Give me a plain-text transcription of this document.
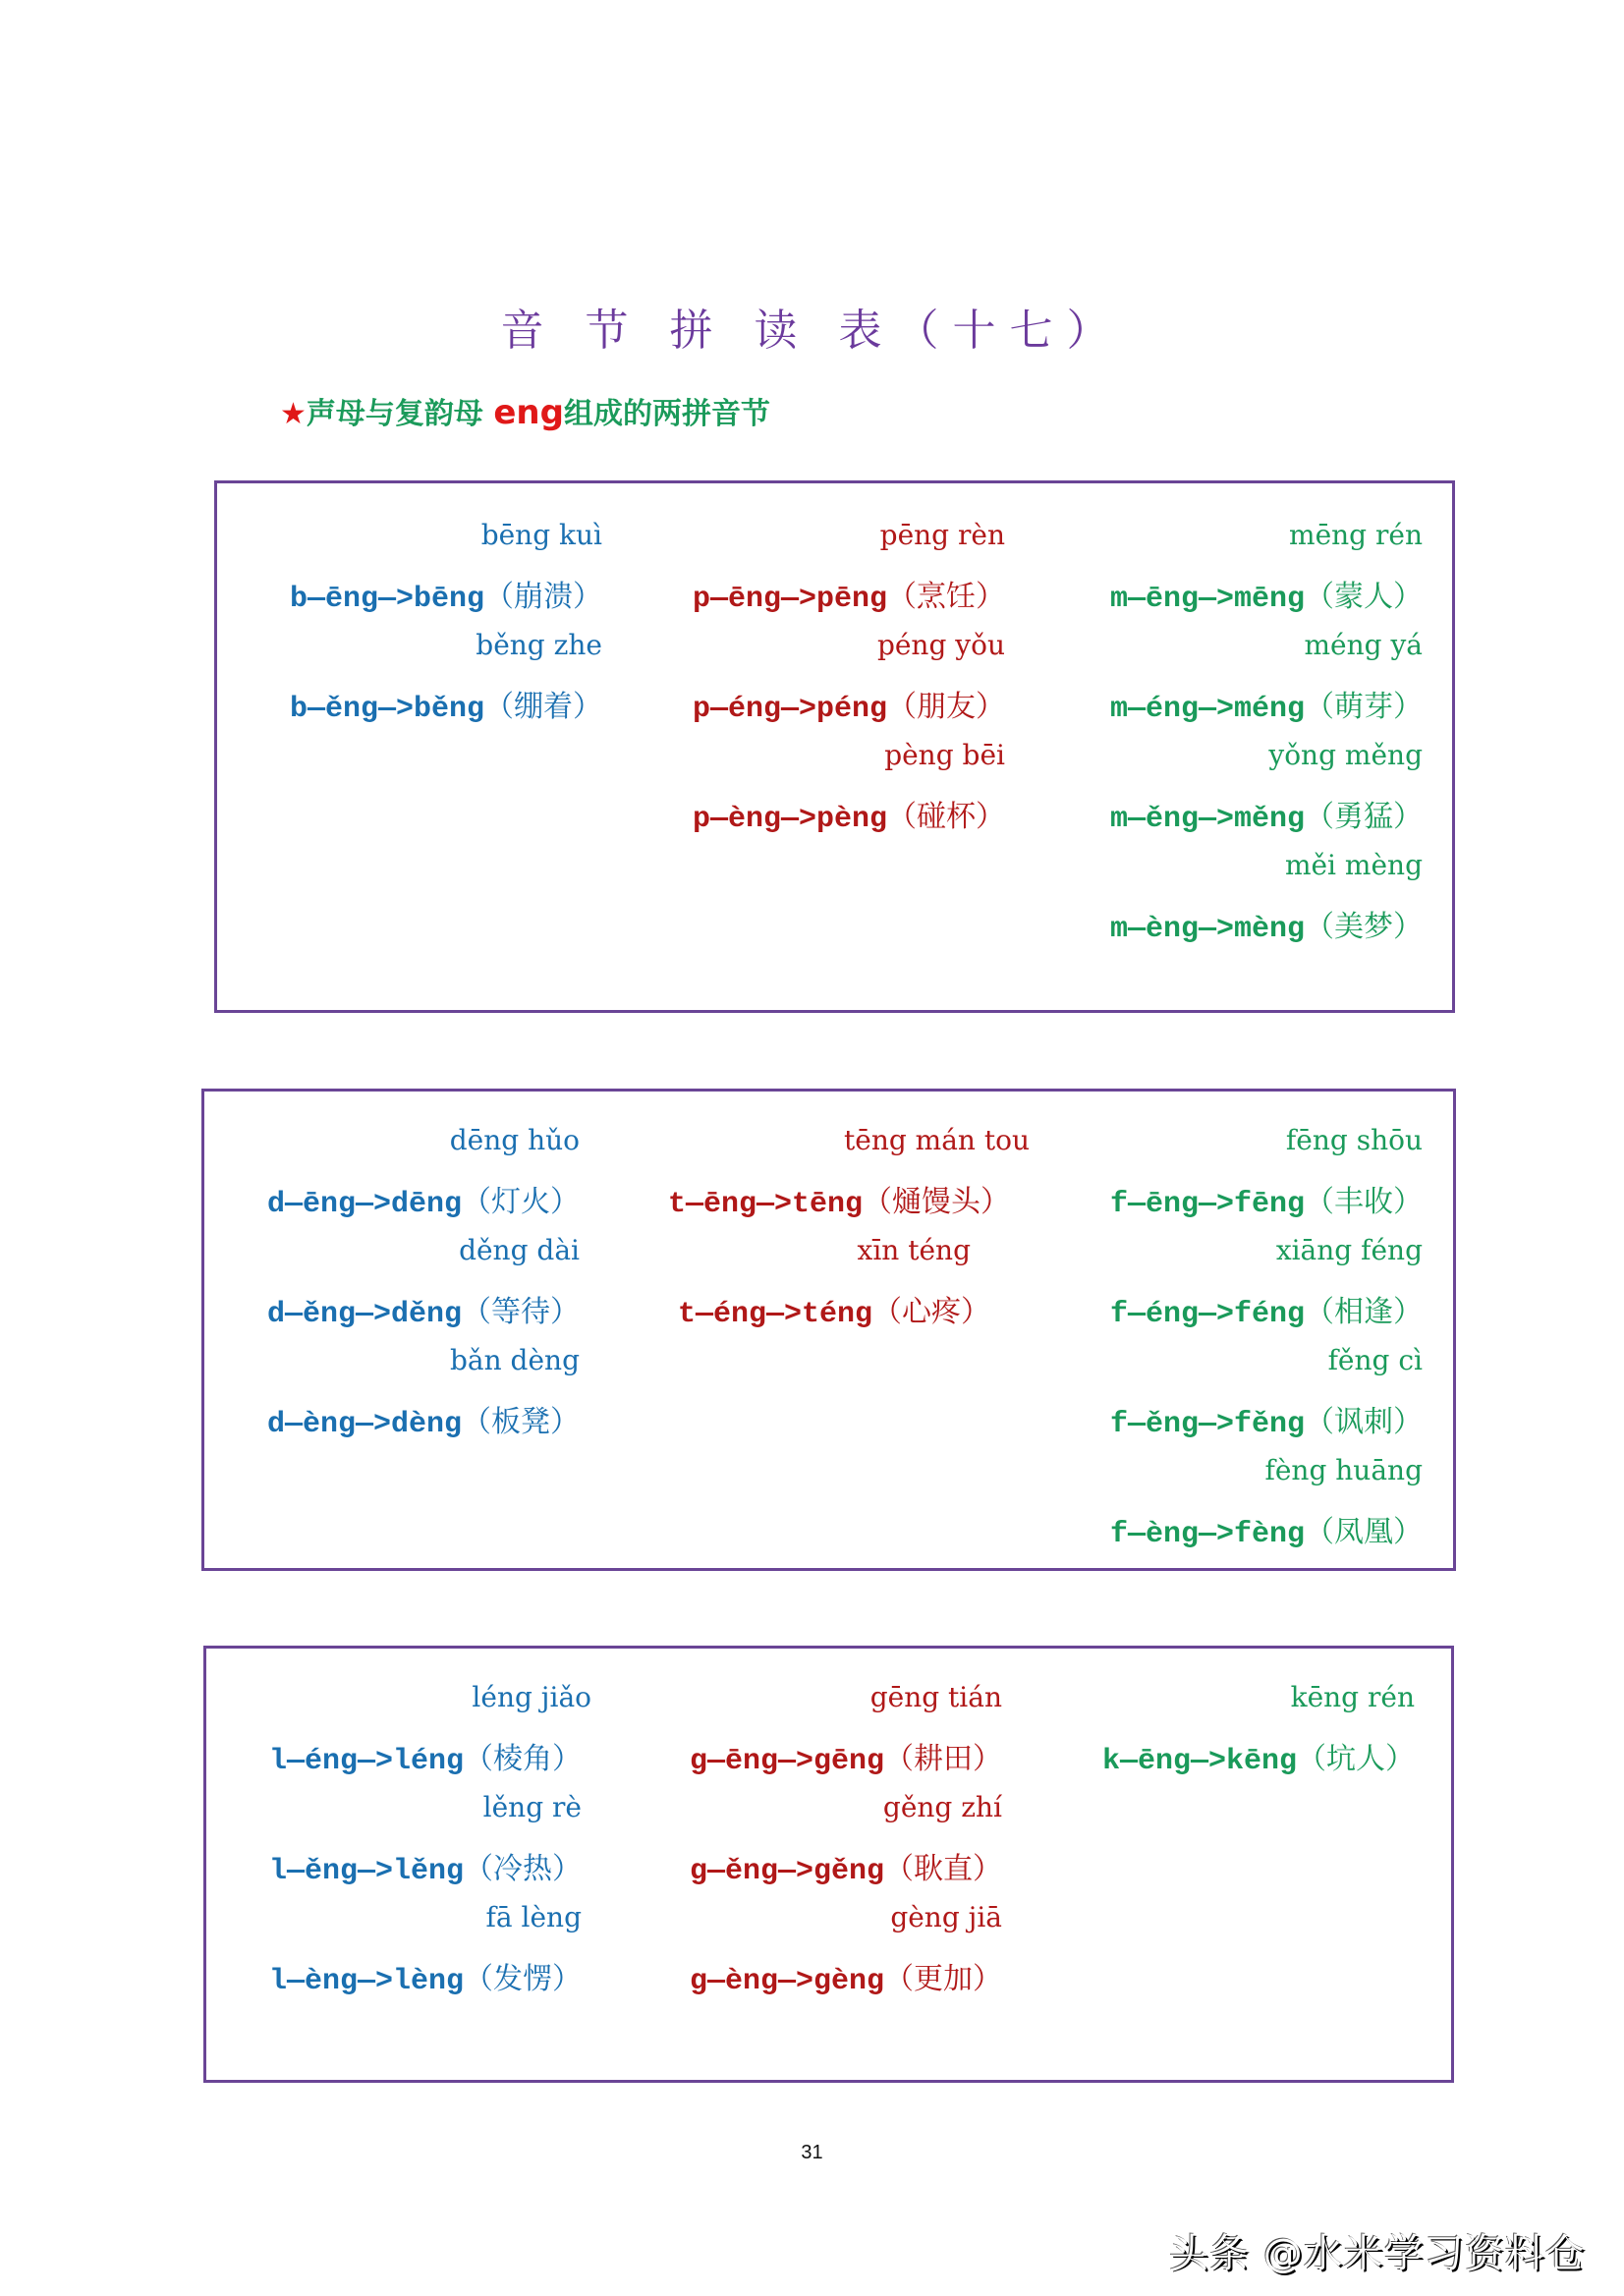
音 节 拼 读 表（十七）
★声母与复韵母 eng组成的两拼音节
bēng kuì
b—ēng—>bēng（崩溃）
běng zhe
b—ěng—>běng（绷着）
pēng rèn
p—ēng—>pēng（烹饪）
péng yǒu
p—éng—>péng（朋友）
pèng bēi
p—èng—>pèng（碰杯）
mēng rén
m—ēng—>mēng（蒙人）
méng yá
m—éng—>méng（萌芽）
yǒng měng
m—ěng—>měng（勇猛）
měi mèng
m—èng—>mèng（美梦）
dēng hǔo
d—ēng—>dēng（灯火）
děng dài
d—ěng—>děng（等待）
bǎn dèng
d—èng—>dèng（板凳）
tēng mán tou
t—ēng—>tēng（熥馒头）
xīn téng
t—éng—>téng（心疼）
fēng shōu
f—ēng—>fēng（丰收）
xiāng féng
f—éng—>féng（相逢）
fěng cì
f—ěng—>fěng（讽刺）
fèng huāng
f—èng—>fèng（凤凰）
léng jiǎo
l—éng—>léng（棱角）
lěng rè
l—ěng—>lěng（冷热）
fā lèng
l—èng—>lèng（发愣）
gēng tián
g—ēng—>gēng（耕田）
gěng zhí
g—ěng—>gěng（耿直）
gèng jiā
g—èng—>gèng（更加）
kēng rén
k—ēng—>kēng（坑人）
31
头条 @水米学习资料仓
